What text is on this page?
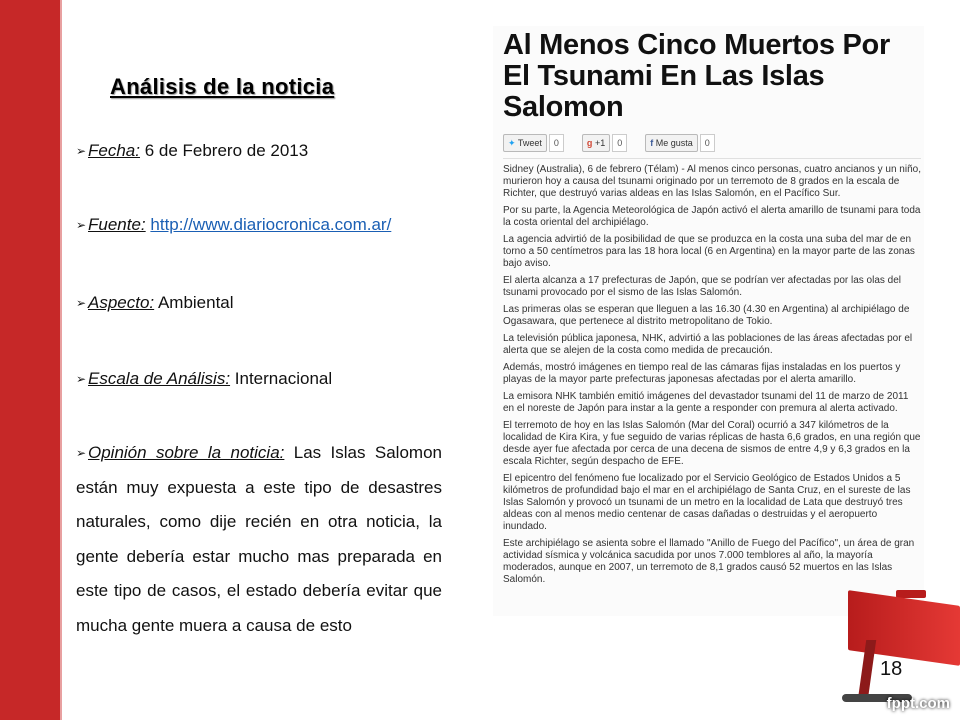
Análisis de la noticia
➢ Fecha: 6 de Febrero de 2013
➢ Fuente: http://www.diariocronica.com.ar/
➢ Aspecto: Ambiental
➢ Escala de Análisis: Internacional
➢ Opinión sobre la noticia: Las Islas Salomon están muy expuesta a este tipo de desastres naturales, como dije recién en otra noticia, la gente debería estar mucho mas preparada en este tipo de casos, el estado debería evitar que mucha gente muera a causa de esto
Al Menos Cinco Muertos Por El Tsunami En Las Islas Salomon
✦ Tweet	0	g +1	0	f Me gusta	0

Sidney (Australia), 6 de febrero (Télam) - Al menos cinco personas, cuatro ancianos y un niño, murieron hoy a causa del tsunami originado por un terremoto de 8 grados en la escala de Richter, que destruyó varias aldeas en las Islas Salomón, en el Pacífico Sur.

Por su parte, la Agencia Meteorológica de Japón activó el alerta amarillo de tsunami para toda la costa oriental del archipiélago.

La agencia advirtió de la posibilidad de que se produzca en la costa una suba del mar de en torno a 50 centímetros para las 18 hora local (6 en Argentina) en la mayor parte de las zonas bajo aviso.

El alerta alcanza a 17 prefecturas de Japón, que se podrían ver afectadas por las olas del tsunami provocado por el sismo de las Islas Salomón.

Las primeras olas se esperan que lleguen a las 16.30 (4.30 en Argentina) al archipiélago de Ogasawara, que pertenece al distrito metropolitano de Tokio.

La televisión pública japonesa, NHK, advirtió a las poblaciones de las áreas afectadas por el alerta que se alejen de la costa como medida de precaución.

Además, mostró imágenes en tiempo real de las cámaras fijas instaladas en los puertos y playas de la mayor parte prefecturas japonesas afectadas por el alerta amarillo.

La emisora NHK también emitió imágenes del devastador tsunami del 11 de marzo de 2011 en el noreste de Japón para instar a la gente a responder con premura al alerta activado.

El terremoto de hoy en las Islas Salomón (Mar del Coral) ocurrió a 347 kilómetros de la localidad de Kira Kira, y fue seguido de varias réplicas de hasta 6,6 grados, en una región que desde ayer fue afectada por cerca de una decena de sismos de entre 4,9 y 6,3 grados en la escala Richter, según despacho de EFE.

El epicentro del fenómeno fue localizado por el Servicio Geológico de Estados Unidos a 5 kilómetros de profundidad bajo el mar en el archipiélago de Santa Cruz, en el sureste de las Islas Salomón y provocó un tsunami de un metro en la localidad de Lata que destruyó tres aldeas con al menos medio centenar de casas dañadas o destruidas y el aeropuerto inundado.

Este archipiélago se asienta sobre el llamado "Anillo de Fuego del Pacífico", un área de gran actividad sísmica y volcánica sacudida por unos 7.000 temblores al año, la mayoría moderados, aunque en 2007, un terremoto de 8,1 grados causó 52 muertos en las Islas Salomón.

18
fppt.com
